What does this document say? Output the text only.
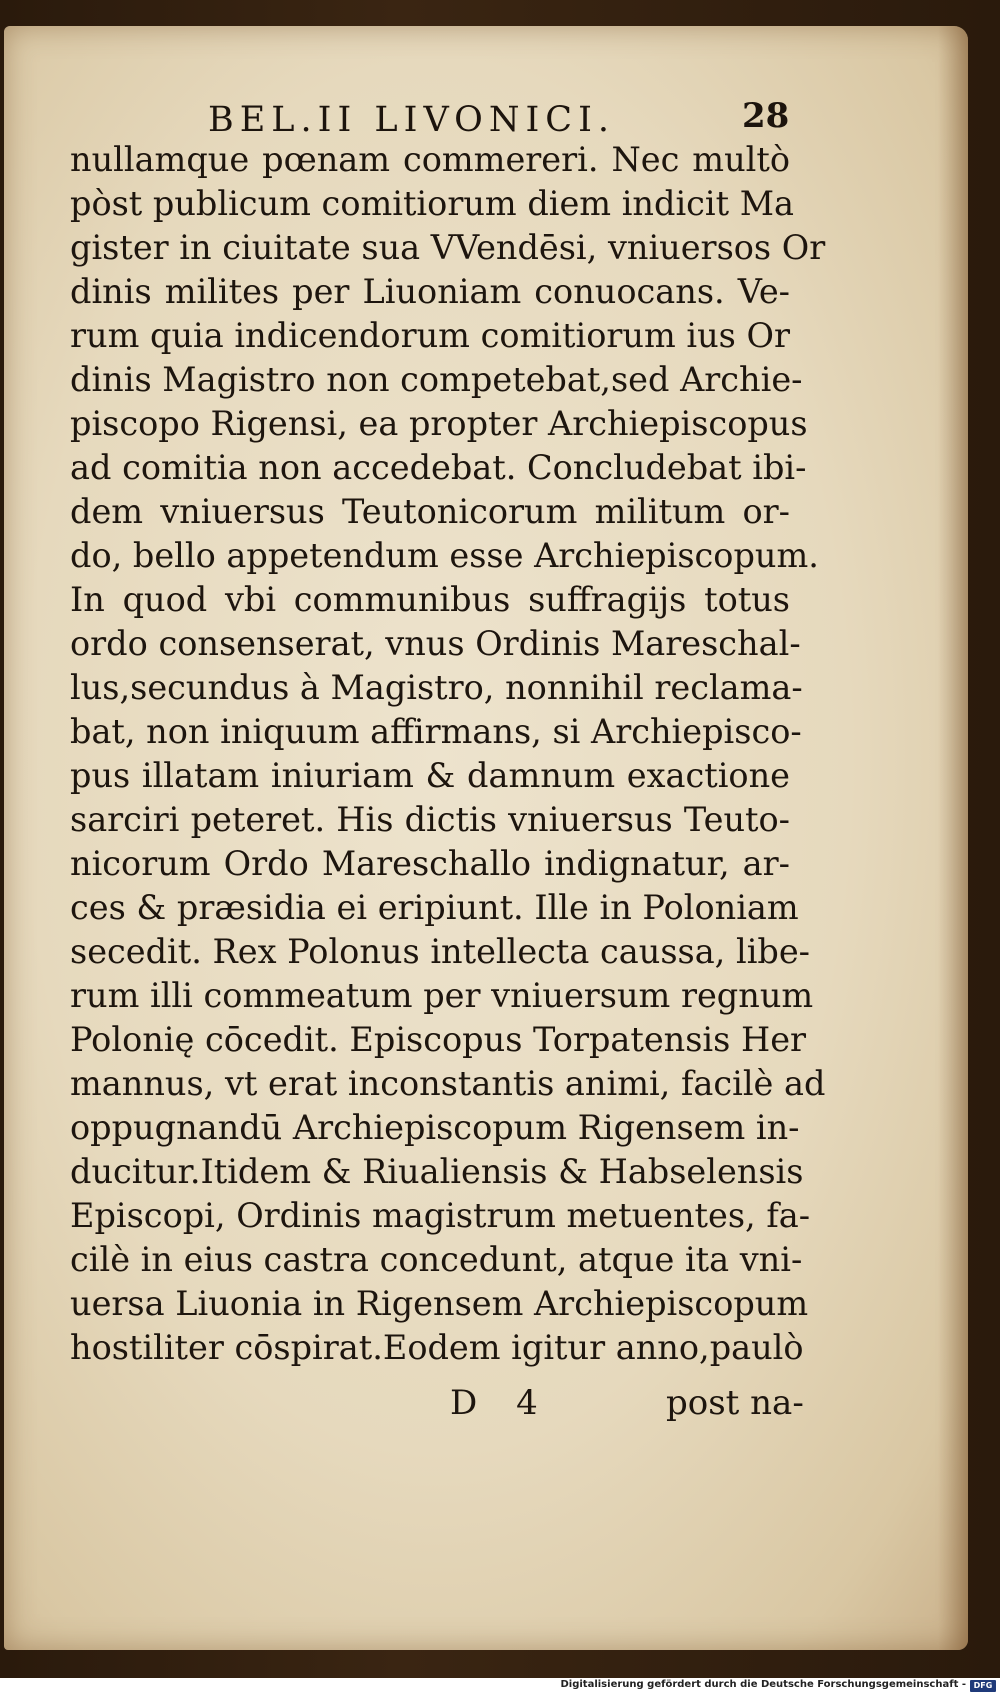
BEL.II LIVONICI.	28
nullamque pœnam commereri. Nec multò
pòst publicum comitiorum diem indicit Ma
gister in ciuitate sua VVendēsi, vniuersos Or
dinis milites per Liuoniam conuocans. Ve-
rum quia indicendorum comitiorum ius Or
dinis Magistro non competebat,sed Archie-
piscopo Rigensi, ea propter Archiepiscopus
ad comitia non accedebat. Concludebat ibi-
dem vniuersus Teutonicorum militum or-
do, bello appetendum esse Archiepiscopum.
In quod vbi communibus suffragijs totus
ordo consenserat, vnus Ordinis Mareschal-
lus,secundus à Magistro, nonnihil reclama-
bat, non iniquum affirmans, si Archiepisco-
pus illatam iniuriam & damnum exactione
sarciri peteret. His dictis vniuersus Teuto-
nicorum Ordo Mareschallo indignatur, ar-
ces & præsidia ei eripiunt. Ille in Poloniam
secedit. Rex Polonus intellecta caussa, libe-
rum illi commeatum per vniuersum regnum
Polonię cōcedit. Episcopus Torpatensis Her
mannus, vt erat inconstantis animi, facilè ad
oppugnandū Archiepiscopum Rigensem in-
ducitur.Itidem & Riualiensis & Habselensis
Episcopi, Ordinis magistrum metuentes, fa-
cilè in eius castra concedunt, atque ita vni-
uersa Liuonia in Rigensem Archiepiscopum
hostiliter cōspirat.Eodem igitur anno,paulò
D 4	post na-
Digitalisierung gefördert durch die Deutsche Forschungsgemeinschaft - DFG
